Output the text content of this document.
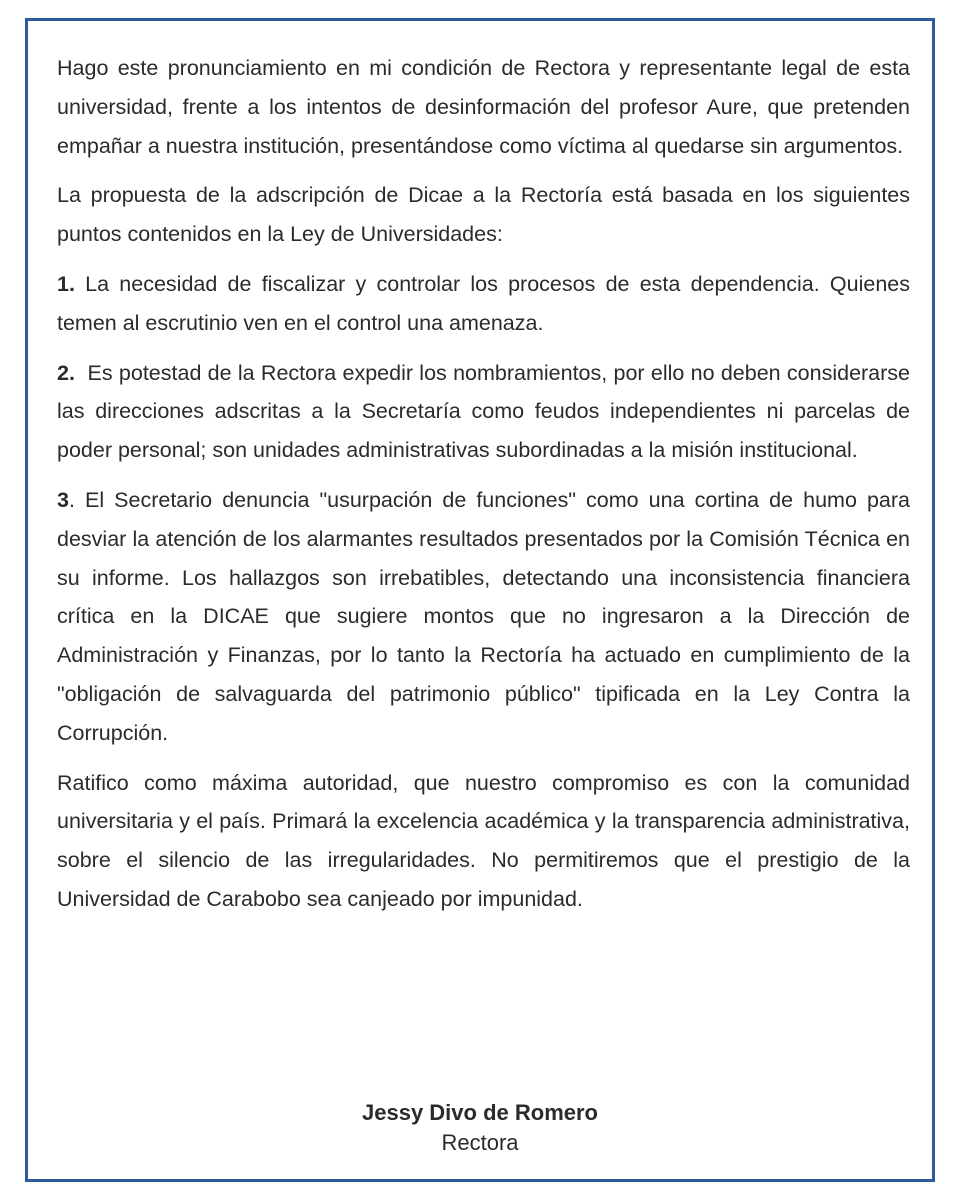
Hago este pronunciamiento en mi condición de Rectora y representante legal de esta universidad, frente a los intentos de desinformación del profesor Aure, que pretenden empañar a nuestra institución, presentándose como víctima al quedarse sin argumentos.

La propuesta de la adscripción de Dicae a la Rectoría está basada en los siguientes puntos contenidos en la Ley de Universidades:

1. La necesidad de fiscalizar y controlar los procesos de esta dependencia. Quienes temen al escrutinio ven en el control una amenaza.

2. Es potestad de la Rectora expedir los nombramientos, por ello no deben considerarse las direcciones adscritas a la Secretaría como feudos independientes ni parcelas de poder personal; son unidades administrativas subordinadas a la misión institucional.

3. El Secretario denuncia "usurpación de funciones" como una cortina de humo para desviar la atención de los alarmantes resultados presentados por la Comisión Técnica en su informe. Los hallazgos son irrebatibles, detectando una inconsistencia financiera crítica en la DICAE que sugiere montos que no ingresaron a la Dirección de Administración y Finanzas, por lo tanto la Rectoría ha actuado en cumplimiento de la "obligación de salvaguarda del patrimonio público" tipificada en la Ley Contra la Corrupción.

Ratifico como máxima autoridad, que nuestro compromiso es con la comunidad universitaria y el país. Primará la excelencia académica y la transparencia administrativa, sobre el silencio de las irregularidades. No permitiremos que el prestigio de la Universidad de Carabobo sea canjeado por impunidad.

Jessy Divo de Romero
Rectora
